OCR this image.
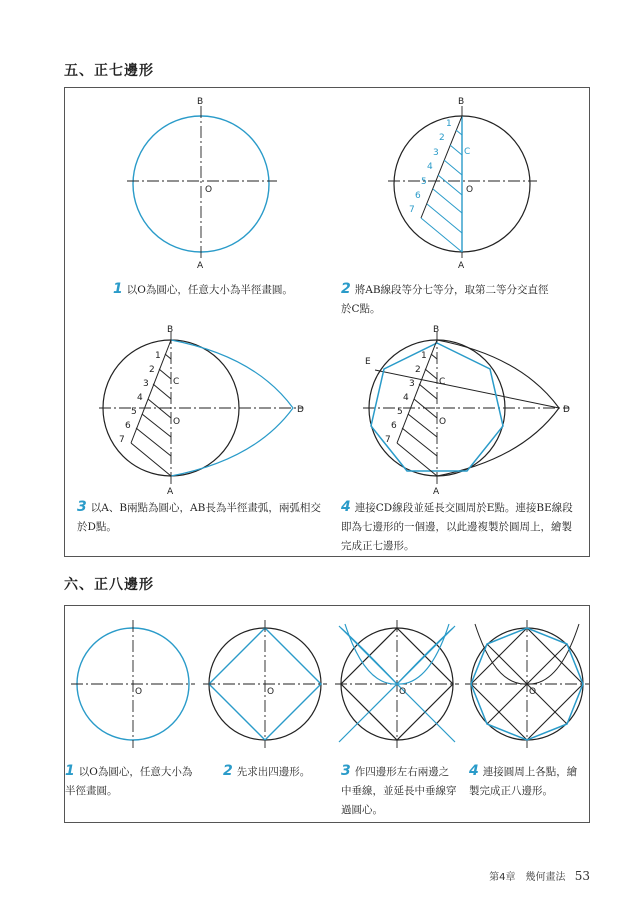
五、正七邊形
B
A
O
1
2
3
4
5
6
7
C
B
A
O
B
A
C
O
D
1
2
3
4
5
6
7
B
A
C
O
E
D
1
2
3
4
5
6
7
1 以O為圓心，任意大小為半徑畫圓。	2 將AB線段等分七等分，取第二等分交直徑於C點。
3 以A、B兩點為圓心，AB長為半徑畫弧，兩弧相交於D點。
4 連接CD線段並延長交圓周於E點。連接BE線段即為七邊形的一個邊，以此邊複製於圓周上，繪製完成正七邊形。
六、正八邊形
O	O	O	O
1 以O為圓心，任意大小為半徑畫圓。
2 先求出四邊形。	3 作四邊形左右兩邊之中垂線，並延長中垂線穿過圓心。
4 連接圓周上各點，繪製完成正八邊形。
第4章　幾何畫法 53
